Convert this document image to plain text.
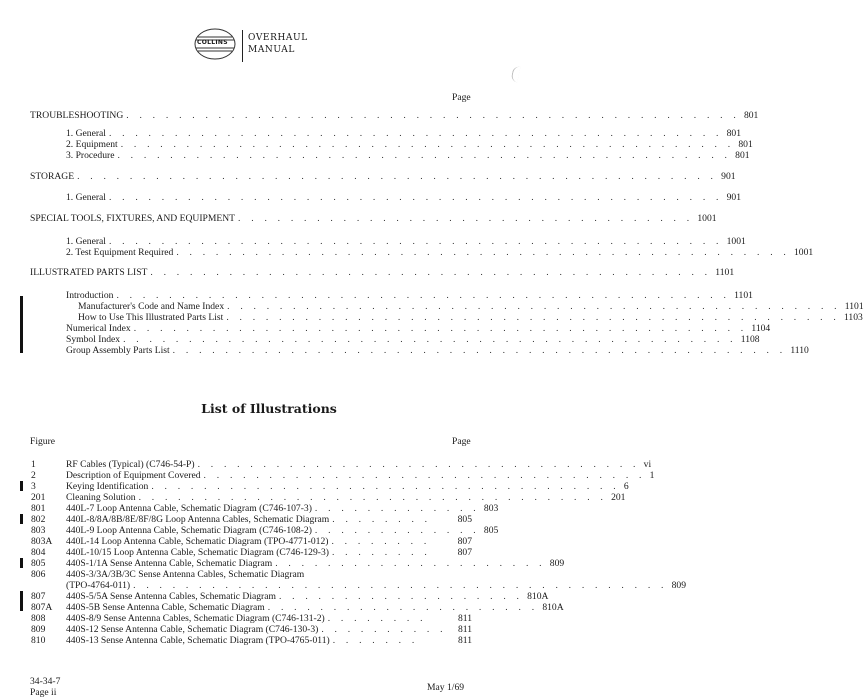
COLLINS OVERHAUL
MANUAL
Page
TROUBLESHOOTING . . . . . . . . . . . . . . . . . . . . . . . . . . . . . . . . . . . . . . . . . . . . . . . 801
1. General . . . . . . . . . . . . . . . . . . . . . . . . . . . . . . . . . . . . . . . . . . . . . . . 801
2. Equipment . . . . . . . . . . . . . . . . . . . . . . . . . . . . . . . . . . . . . . . . . . . . . . . 801
3. Procedure . . . . . . . . . . . . . . . . . . . . . . . . . . . . . . . . . . . . . . . . . . . . . . . 801
STORAGE . . . . . . . . . . . . . . . . . . . . . . . . . . . . . . . . . . . . . . . . . . . . . . . . . 901
1. General . . . . . . . . . . . . . . . . . . . . . . . . . . . . . . . . . . . . . . . . . . . . . . . 901
SPECIAL TOOLS, FIXTURES, AND EQUIPMENT . . . . . . . . . . . . . . . . . . . . . . . . . . . . . . . . . . . 1001
1. General . . . . . . . . . . . . . . . . . . . . . . . . . . . . . . . . . . . . . . . . . . . . . . . 1001
2. Test Equipment Required . . . . . . . . . . . . . . . . . . . . . . . . . . . . . . . . . . . . . . . . . . . . . . . 1001
ILLUSTRATED PARTS LIST . . . . . . . . . . . . . . . . . . . . . . . . . . . . . . . . . . . . . . . . . . . 1101
Introduction . . . . . . . . . . . . . . . . . . . . . . . . . . . . . . . . . . . . . . . . . . . . . . . 1101
Manufacturer's Code and Name Index . . . . . . . . . . . . . . . . . . . . . . . . . . . . . . . . . . . . . . . . . . . . . . . 1101
How to Use This Illustrated Parts List . . . . . . . . . . . . . . . . . . . . . . . . . . . . . . . . . . . . . . . . . . . . . . . 1103
Numerical Index . . . . . . . . . . . . . . . . . . . . . . . . . . . . . . . . . . . . . . . . . . . . . . . 1104
Symbol Index . . . . . . . . . . . . . . . . . . . . . . . . . . . . . . . . . . . . . . . . . . . . . . . 1108
Group Assembly Parts List . . . . . . . . . . . . . . . . . . . . . . . . . . . . . . . . . . . . . . . . . . . . . . . 1110
List of Illustrations
Figure	Page
1	RF Cables (Typical) (C746-54-P) . . . . . . . . . . . . . . . . . . . . . . . . . . . . . . . . . . vi
2	Description of Equipment Covered . . . . . . . . . . . . . . . . . . . . . . . . . . . . . . . . . . 1
3	Keying Identification . . . . . . . . . . . . . . . . . . . . . . . . . . . . . . . . . . . . 6
201 Cleaning Solution . . . . . . . . . . . . . . . . . . . . . . . . . . . . . . . . . . . . 201
801 440L-7 Loop Antenna Cable, Schematic Diagram (C746-107-3) . . . . . . . . . . . . . 803
802 440L-8/8A/8B/8E/8F/8G Loop Antenna Cables, Schematic Diagram . . . . . . . .	805
803 440L-9 Loop Antenna Cable, Schematic Diagram (C746-108-2) . . . . . . . . . . . . . 805
803A 440L-14 Loop Antenna Cable, Schematic Diagram (TPO-4771-012) . . . . . . . .	807
804 440L-10/15 Loop Antenna Cable, Schematic Diagram (C746-129-3) . . . . . . . .	807
805 440S-1/1A Sense Antenna Cable, Schematic Diagram . . . . . . . . . . . . . . . . . . . . . 809
806 440S-3/3A/3B/3C Sense Antenna Cables, Schematic Diagram
(TPO-4764-011) . . . . . . . . . . . . . . . . . . . . . . . . . . . . . . . . . . . . . . . . . 809
807 440S-5/5A Sense Antenna Cables, Schematic Diagram . . . . . . . . . . . . . . . . . . . 810A
807A 440S-5B Sense Antenna Cable, Schematic Diagram . . . . . . . . . . . . . . . . . . . . . 810A
808 440S-8/9 Sense Antenna Cables, Schematic Diagram (C746-131-2) . . . . . . . .	811
809 440S-12 Sense Antenna Cable, Schematic Diagram (C746-130-3) . . . . . . . . . .	811
810 440S-13 Sense Antenna Cable, Schematic Diagram (TPO-4765-011) . . . . . . .	811
34-34-7
Page ii	May 1/69
